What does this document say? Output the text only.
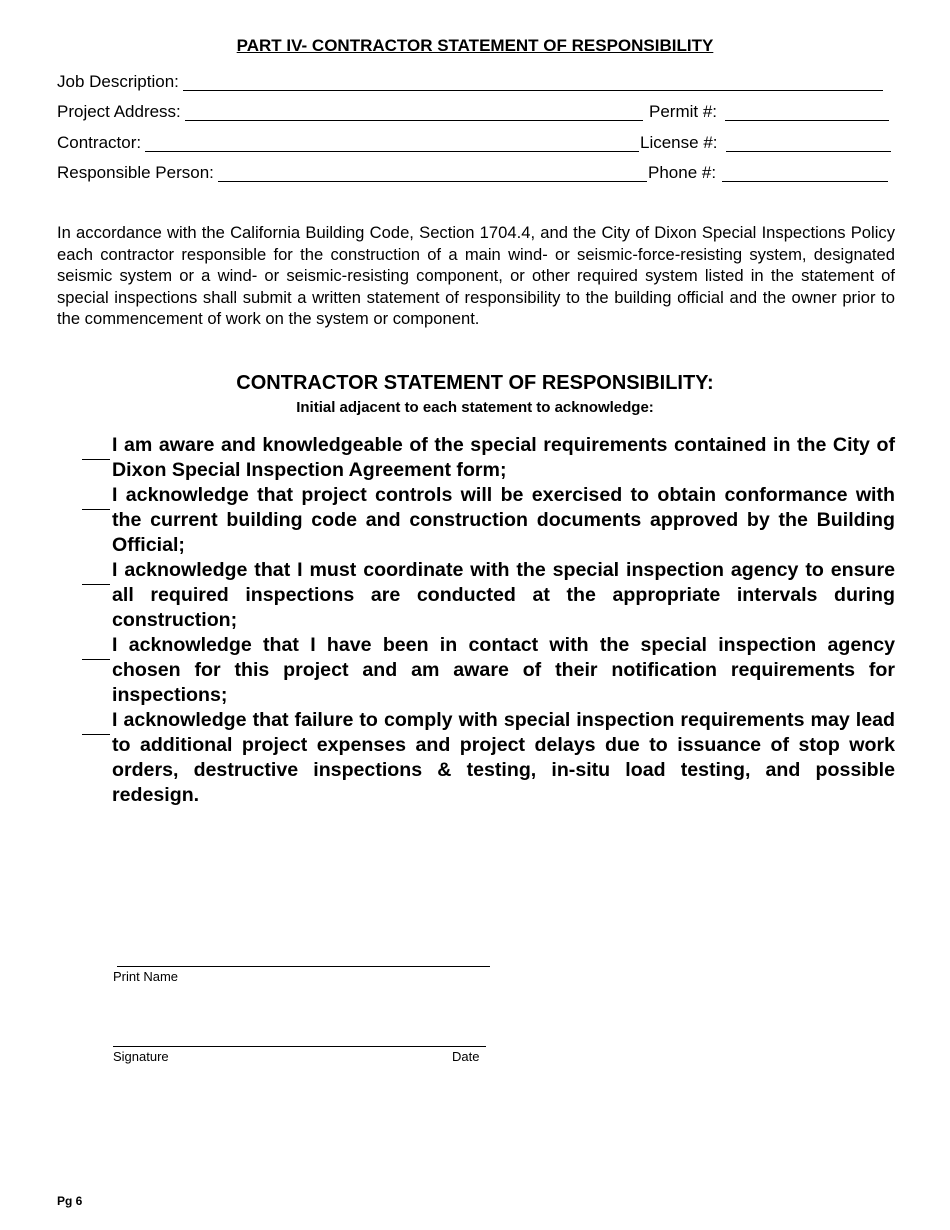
PART IV- CONTRACTOR STATEMENT OF RESPONSIBILITY
Job Description:
Project Address:	Permit #:
Contractor:	License #:
Responsible Person:	Phone #:
In accordance with the California Building Code, Section 1704.4, and the City of Dixon Special Inspections Policy each contractor responsible for the construction of a main wind- or seismic-force-resisting system, designated seismic system or a wind- or seismic-resisting component, or other required system listed in the statement of special inspections shall submit a written statement of responsibility to the building official and the owner prior to the commencement of work on the system or component.
CONTRACTOR STATEMENT OF RESPONSIBILITY:
Initial adjacent to each statement to acknowledge:
I am aware and knowledgeable of the special requirements contained in the City of Dixon Special Inspection Agreement form;
I acknowledge that project controls will be exercised to obtain conformance with the current building code and construction documents approved by the Building Official;
I acknowledge that I must coordinate with the special inspection agency to ensure all required inspections are conducted at the appropriate intervals during construction;
I acknowledge that I have been in contact with the special inspection agency chosen for this project and am aware of their notification requirements for inspections;
I acknowledge that failure to comply with special inspection requirements may lead to additional project expenses and project delays due to issuance of stop work orders, destructive inspections & testing, in-situ load testing, and possible redesign.
Print Name
Signature	Date
Pg 6
